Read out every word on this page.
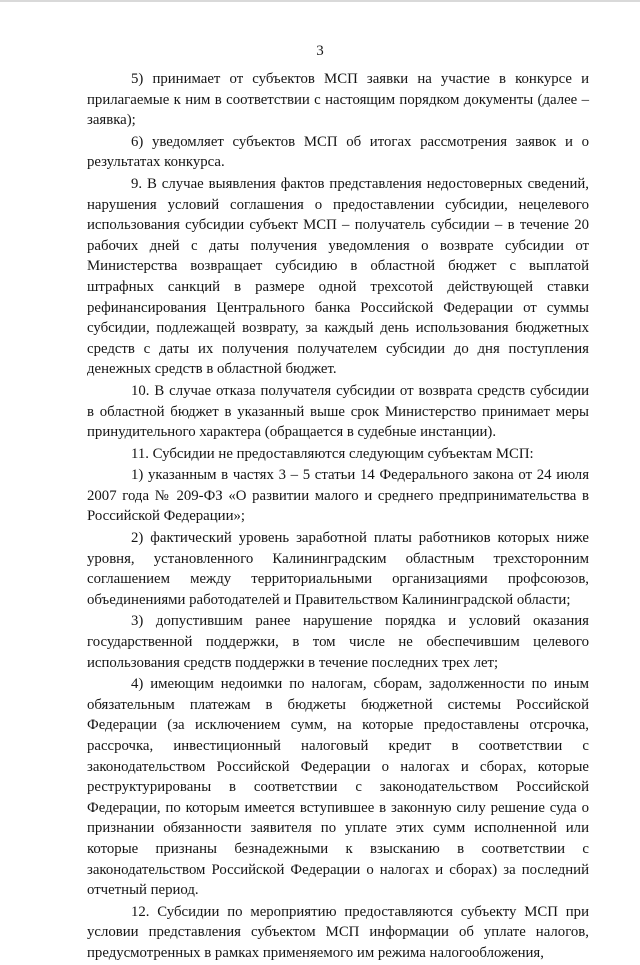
3

5) принимает от субъектов МСП заявки на участие в конкурсе и прилагаемые к ним в соответствии с настоящим порядком документы (далее – заявка);

6) уведомляет субъектов МСП об итогах рассмотрения заявок и о результатах конкурса.

9. В случае выявления фактов представления недостоверных сведений, нарушения условий соглашения о предоставлении субсидии, нецелевого использования субсидии субъект МСП – получатель субсидии – в течение 20 рабочих дней с даты получения уведомления о возврате субсидии от Министерства возвращает субсидию в областной бюджет с выплатой штрафных санкций в размере одной трехсотой действующей ставки рефинансирования Центрального банка Российской Федерации от суммы субсидии, подлежащей возврату, за каждый день использования бюджетных средств с даты их получения получателем субсидии до дня поступления денежных средств в областной бюджет.

10. В случае отказа получателя субсидии от возврата средств субсидии в областной бюджет в указанный выше срок Министерство принимает меры принудительного характера (обращается в судебные инстанции).

11. Субсидии не предоставляются следующим субъектам МСП:

1) указанным в частях 3 – 5 статьи 14 Федерального закона от 24 июля 2007 года № 209-ФЗ «О развитии малого и среднего предпринимательства в Российской Федерации»;

2) фактический уровень заработной платы работников которых ниже уровня, установленного Калининградским областным трехсторонним соглашением между территориальными организациями профсоюзов, объединениями работодателей и Правительством Калининградской области;

3) допустившим ранее нарушение порядка и условий оказания государственной поддержки, в том числе не обеспечившим целевого использования средств поддержки в течение последних трех лет;

4) имеющим недоимки по налогам, сборам, задолженности по иным обязательным платежам в бюджеты бюджетной системы Российской Федерации (за исключением сумм, на которые предоставлены отсрочка, рассрочка, инвестиционный налоговый кредит в соответствии с законодательством Российской Федерации о налогах и сборах, которые реструктурированы в соответствии с законодательством Российской Федерации, по которым имеется вступившее в законную силу решение суда о признании обязанности заявителя по уплате этих сумм исполненной или которые признаны безнадежными к взысканию в соответствии с законодательством Российской Федерации о налогах и сборах) за последний отчетный период.

12. Субсидии по мероприятию предоставляются субъекту МСП при условии представления субъектом МСП информации об уплате налогов, предусмотренных в рамках применяемого им режима налогообложения,
